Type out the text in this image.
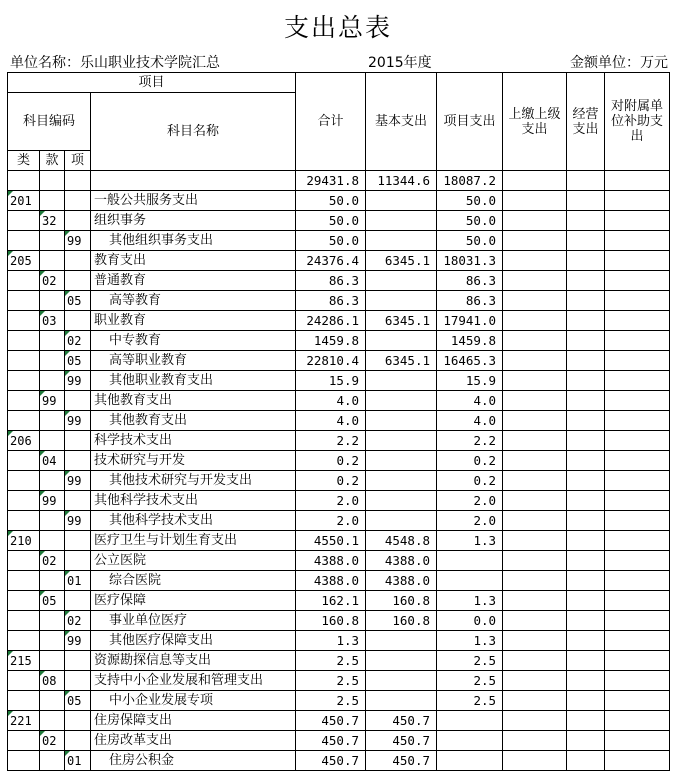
支出总表
单位名称：乐山职业技术学院汇总	2015年度	金额单位：万元
项目				合计	基本支出	项目支出	上缴上级支出	经营支出	对附属单位补助支出
科目编码			科目名称						
类	款	项							
				29431.8	11344.6	18087.2			
201			一般公共服务支出	50.0		50.0			
	32		组织事务	50.0		50.0			
		99	其他组织事务支出	50.0		50.0			
205			教育支出	24376.4	6345.1	18031.3			
	02		普通教育	86.3		86.3			
		05	高等教育	86.3		86.3			
	03		职业教育	24286.1	6345.1	17941.0			
		02	中专教育	1459.8		1459.8			
		05	高等职业教育	22810.4	6345.1	16465.3			
		99	其他职业教育支出	15.9		15.9			
	99		其他教育支出	4.0		4.0			
		99	其他教育支出	4.0		4.0			
206			科学技术支出	2.2		2.2			
	04		技术研究与开发	0.2		0.2			
		99	其他技术研究与开发支出	0.2		0.2			
	99		其他科学技术支出	2.0		2.0			
		99	其他科学技术支出	2.0		2.0			
210			医疗卫生与计划生育支出	4550.1	4548.8	1.3			
	02		公立医院	4388.0	4388.0				
		01	综合医院	4388.0	4388.0				
	05		医疗保障	162.1	160.8	1.3			
		02	事业单位医疗	160.8	160.8	0.0			
		99	其他医疗保障支出	1.3		1.3			
215			资源勘探信息等支出	2.5		2.5			
	08		支持中小企业发展和管理支出	2.5		2.5			
		05	中小企业发展专项	2.5		2.5			
221			住房保障支出	450.7	450.7				
	02		住房改革支出	450.7	450.7				
		01	住房公积金	450.7	450.7				
